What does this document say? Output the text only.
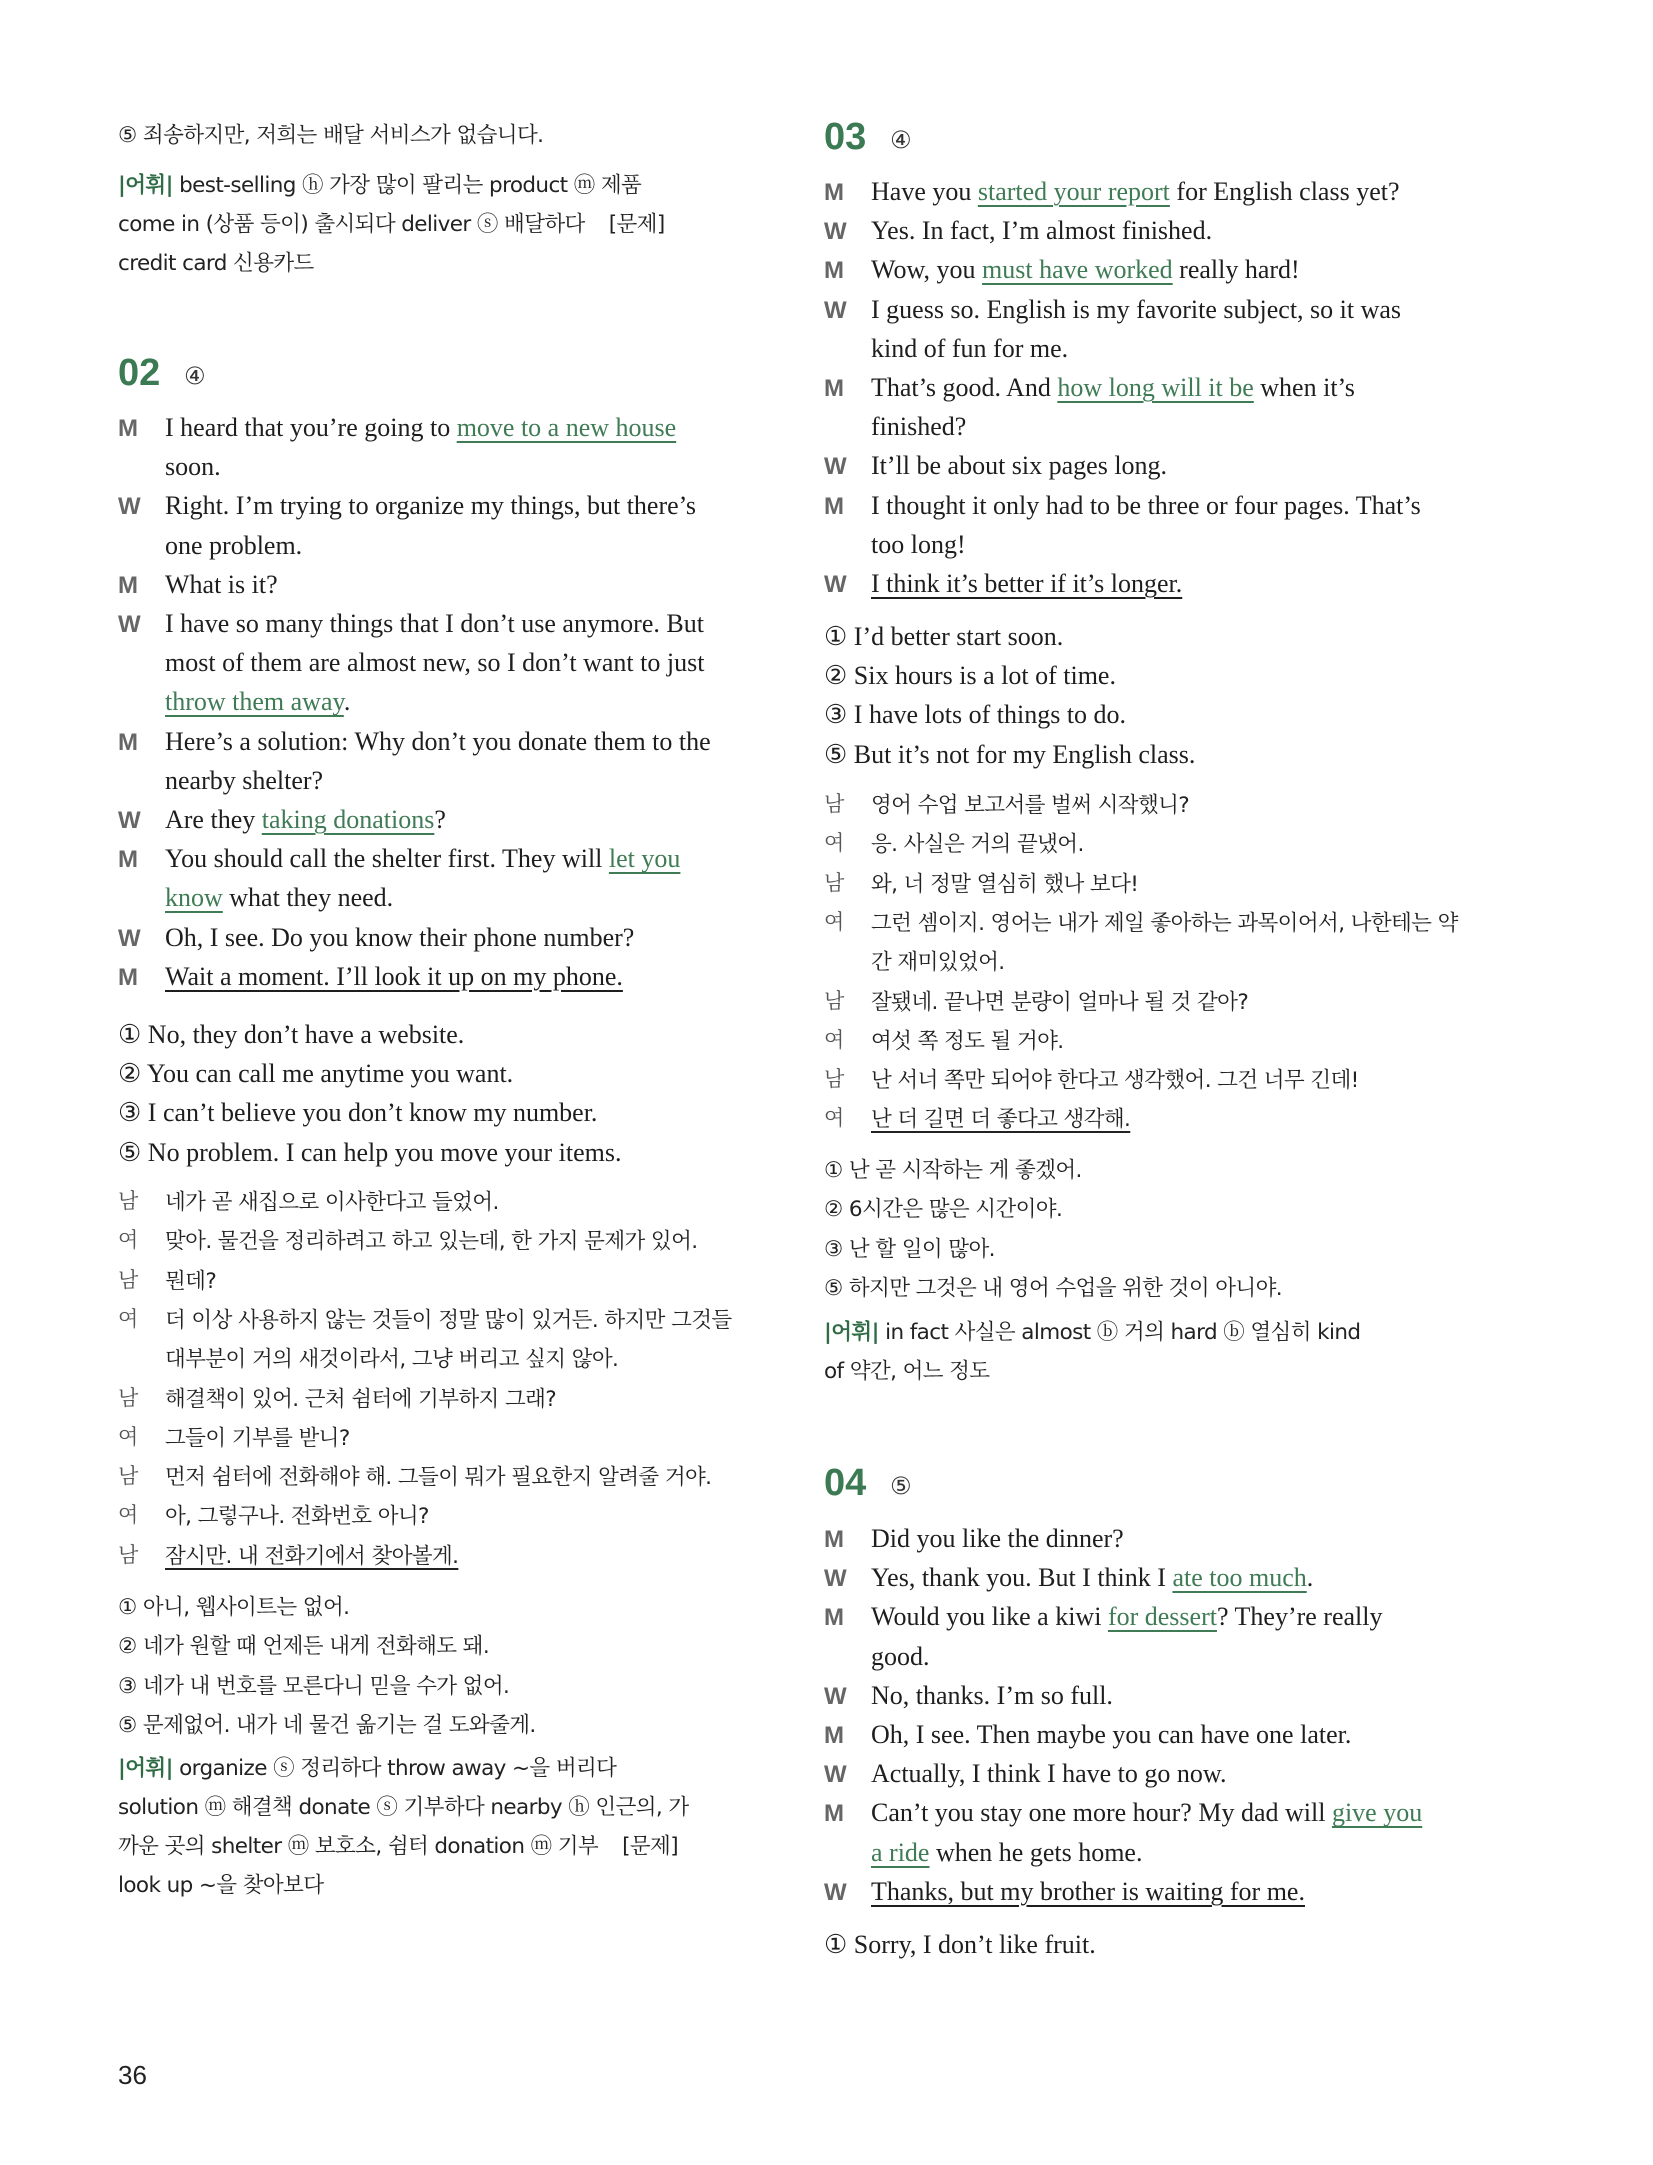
⑤ 죄송하지만, 저희는 배달 서비스가 없습니다.
|어휘| best-selling ⓗ 가장 많이 팔리는 product ⓜ 제품
come in (상품 등이) 출시되다 deliver ⓢ 배달하다 [문제]
credit card 신용카드
02 ④
M	I heard that you’re going to move to a new house
soon.
W Right. I’m trying to organize my things, but there’s
one problem.
M	What is it?
W I have so many things that I don’t use anymore. But
most of them are almost new, so I don’t want to just
throw them away.
M	Here’s a solution: Why don’t you donate them to the
nearby shelter?
W Are they taking donations?
M	You should call the shelter first. They will let you
know what they need.
W Oh, I see. Do you know their phone number?
M	Wait a moment. I’ll look it up on my phone.
① No, they don’t have a website.
② You can call me anytime you want.
③ I can’t believe you don’t know my number.
⑤ No problem. I can help you move your items.
남	네가 곧 새집으로 이사한다고 들었어.
여	맞아. 물건을 정리하려고 하고 있는데, 한 가지 문제가 있어.
남	뭔데?
여	더 이상 사용하지 않는 것들이 정말 많이 있거든. 하지만 그것들
대부분이 거의 새것이라서, 그냥 버리고 싶지 않아.
남	해결책이 있어. 근처 쉼터에 기부하지 그래?
여	그들이 기부를 받니?
남	먼저 쉼터에 전화해야 해. 그들이 뭐가 필요한지 알려줄 거야.
여	아, 그렇구나. 전화번호 아니?
남	잠시만. 내 전화기에서 찾아볼게.
① 아니, 웹사이트는 없어.
② 네가 원할 때 언제든 내게 전화해도 돼.
③ 네가 내 번호를 모른다니 믿을 수가 없어.
⑤ 문제없어. 내가 네 물건 옮기는 걸 도와줄게.
|어휘| organize ⓢ 정리하다 throw away ~을 버리다
solution ⓜ 해결책 donate ⓢ 기부하다 nearby ⓗ 인근의, 가
까운 곳의 shelter ⓜ 보호소, 쉼터 donation ⓜ 기부 [문제]
look up ~을 찾아보다
03 ④
M	Have you started your report for English class yet?
W Yes. In fact, I’m almost finished.
M	Wow, you must have worked really hard!
W I guess so. English is my favorite subject, so it was
kind of fun for me.
M	That’s good. And how long will it be when it’s
finished?
W It’ll be about six pages long.
M	I thought it only had to be three or four pages. That’s
too long!
W I think it’s better if it’s longer.
① I’d better start soon.
② Six hours is a lot of time.
③ I have lots of things to do.
⑤ But it’s not for my English class.
남	영어 수업 보고서를 벌써 시작했니?
여	응. 사실은 거의 끝냈어.
남	와, 너 정말 열심히 했나 보다!
여	그런 셈이지. 영어는 내가 제일 좋아하는 과목이어서, 나한테는 약
간 재미있었어.
남	잘됐네. 끝나면 분량이 얼마나 될 것 같아?
여	여섯 쪽 정도 될 거야.
남	난 서너 쪽만 되어야 한다고 생각했어. 그건 너무 긴데!
여	난 더 길면 더 좋다고 생각해.
① 난 곧 시작하는 게 좋겠어.
② 6시간은 많은 시간이야.
③ 난 할 일이 많아.
⑤ 하지만 그것은 내 영어 수업을 위한 것이 아니야.
|어휘| in fact 사실은 almost ⓑ 거의 hard ⓑ 열심히 kind
of 약간, 어느 정도
04 ⑤
M	Did you like the dinner?
W Yes, thank you. But I think I ate too much.
M	Would you like a kiwi for dessert? They’re really
good.
W No, thanks. I’m so full.
M	Oh, I see. Then maybe you can have one later.
W Actually, I think I have to go now.
M	Can’t you stay one more hour? My dad will give you
a ride when he gets home.
W Thanks, but my brother is waiting for me.
① Sorry, I don’t like fruit.
36
